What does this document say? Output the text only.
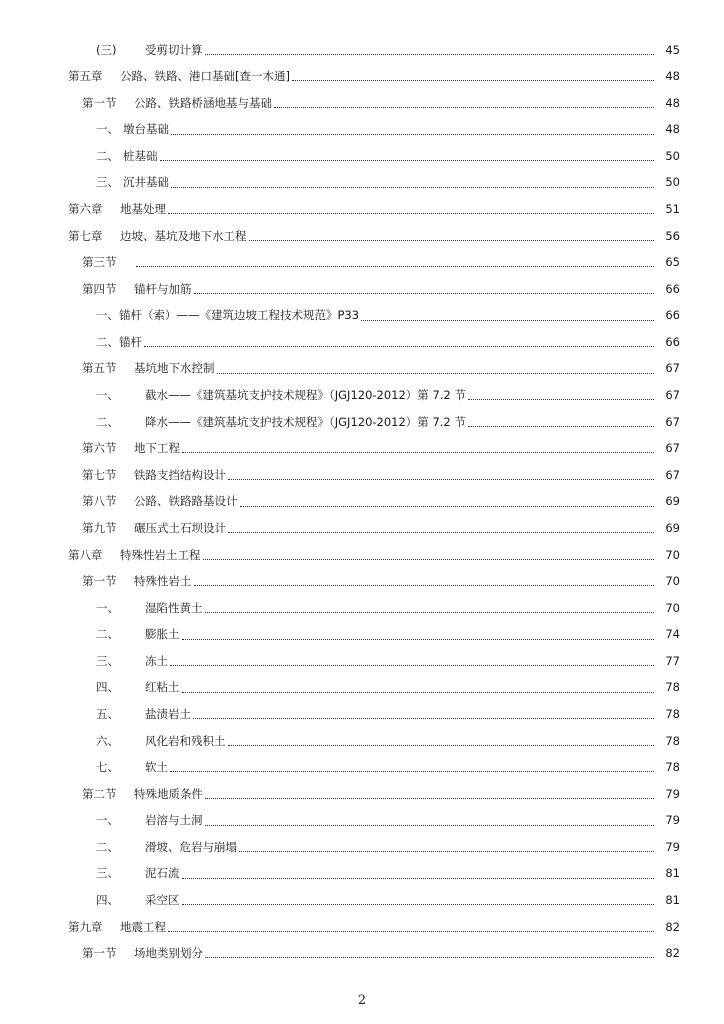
(三)	受剪切计算	45
第五章	公路、铁路、港口基础[查一木通]	48
第一节	公路、铁路桥涵地基与基础	48
一、 墩台基础	48
二、 桩基础	50
三、 沉井基础	50
第六章	地基处理	51
第七章	边坡、基坑及地下水工程	56
第三节	65
第四节	锚杆与加筋	66
一、锚杆（索）——《建筑边坡工程技术规范》P33	66
二、锚杆	66
第五节	基坑地下水控制	67
一、	截水——《建筑基坑支护技术规程》（JGJ120-2012）第 7.2 节	67
二、	降水——《建筑基坑支护技术规程》（JGJ120-2012）第 7.2 节	67
第六节	地下工程	67
第七节	铁路支挡结构设计	67
第八节	公路、铁路路基设计	69
第九节	碾压式土石坝设计	69
第八章	特殊性岩土工程	70
第一节	特殊性岩土	70
一、	湿陷性黄土	70
二、	膨胀土	74
三、	冻土	77
四、	红粘土	78
五、	盐渍岩土	78
六、	风化岩和残积土	78
七、	软土	78
第二节	特殊地质条件	79
一、	岩溶与土洞	79
二、	滑坡、危岩与崩塌	79
三、	泥石流	81
四、	采空区	81
第九章	地震工程	82
第一节	场地类别划分	82
2
